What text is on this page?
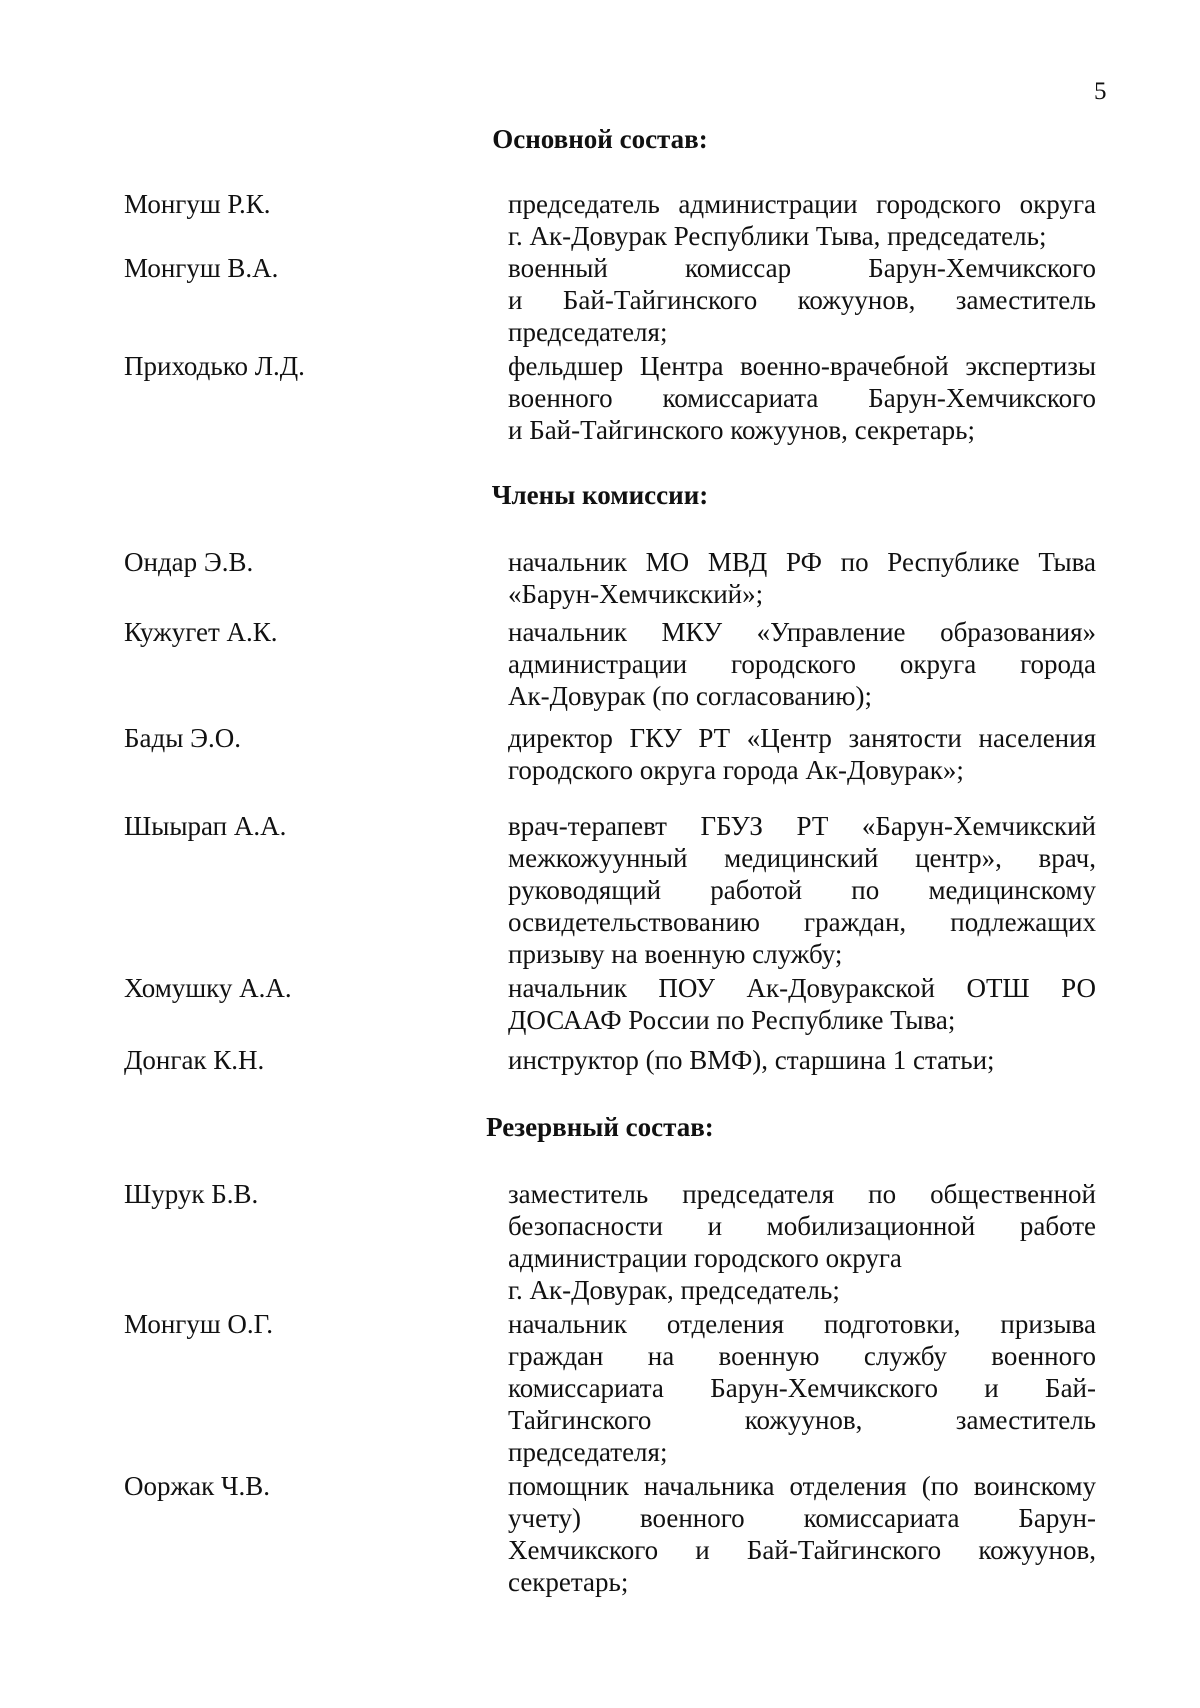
5
Основной состав:
Монгуш Р.К.	председатель администрации городского округа
г. Ак-Довурак Республики Тыва, председатель;
Монгуш В.А.	военный комиссар Барун-Хемчикского
и Бай-Тайгинского кожуунов, заместитель
председателя;
Приходько Л.Д.	фельдшер Центра военно-врачебной экспертизы
военного комиссариата Барун-Хемчикского
и Бай-Тайгинского кожуунов, секретарь;
Члены комиссии:
Ондар Э.В.	начальник МО МВД РФ по Республике Тыва
«Барун-Хемчикский»;
Кужугет А.К.	начальник МКУ «Управление образования»
администрации городского округа города
Ак-Довурак (по согласованию);
Бады Э.О.	директор ГКУ РТ «Центр занятости населения
городского округа города Ак-Довурак»;
Шыырап А.А.	врач-терапевт ГБУЗ РТ «Барун-Хемчикский
межкожуунный медицинский центр», врач,
руководящий работой по медицинскому
освидетельствованию граждан, подлежащих
призыву на военную службу;
Хомушку А.А.	начальник ПОУ Ак-Довуракской ОТШ РО
ДОСААФ России по Республике Тыва;
Донгак К.Н.	инструктор (по ВМФ), старшина 1 статьи;
Резервный состав:
Шурук Б.В.	заместитель председателя по общественной
безопасности и мобилизационной работе
администрации городского округа
г. Ак-Довурак, председатель;
Монгуш О.Г.	начальник отделения подготовки, призыва
граждан на военную службу военного
комиссариата Барун-Хемчикского и Бай-
Тайгинского кожуунов, заместитель
председателя;
Ооржак Ч.В.	помощник начальника отделения (по воинскому
учету) военного комиссариата Барун-
Хемчикского и Бай-Тайгинского кожуунов,
секретарь;
